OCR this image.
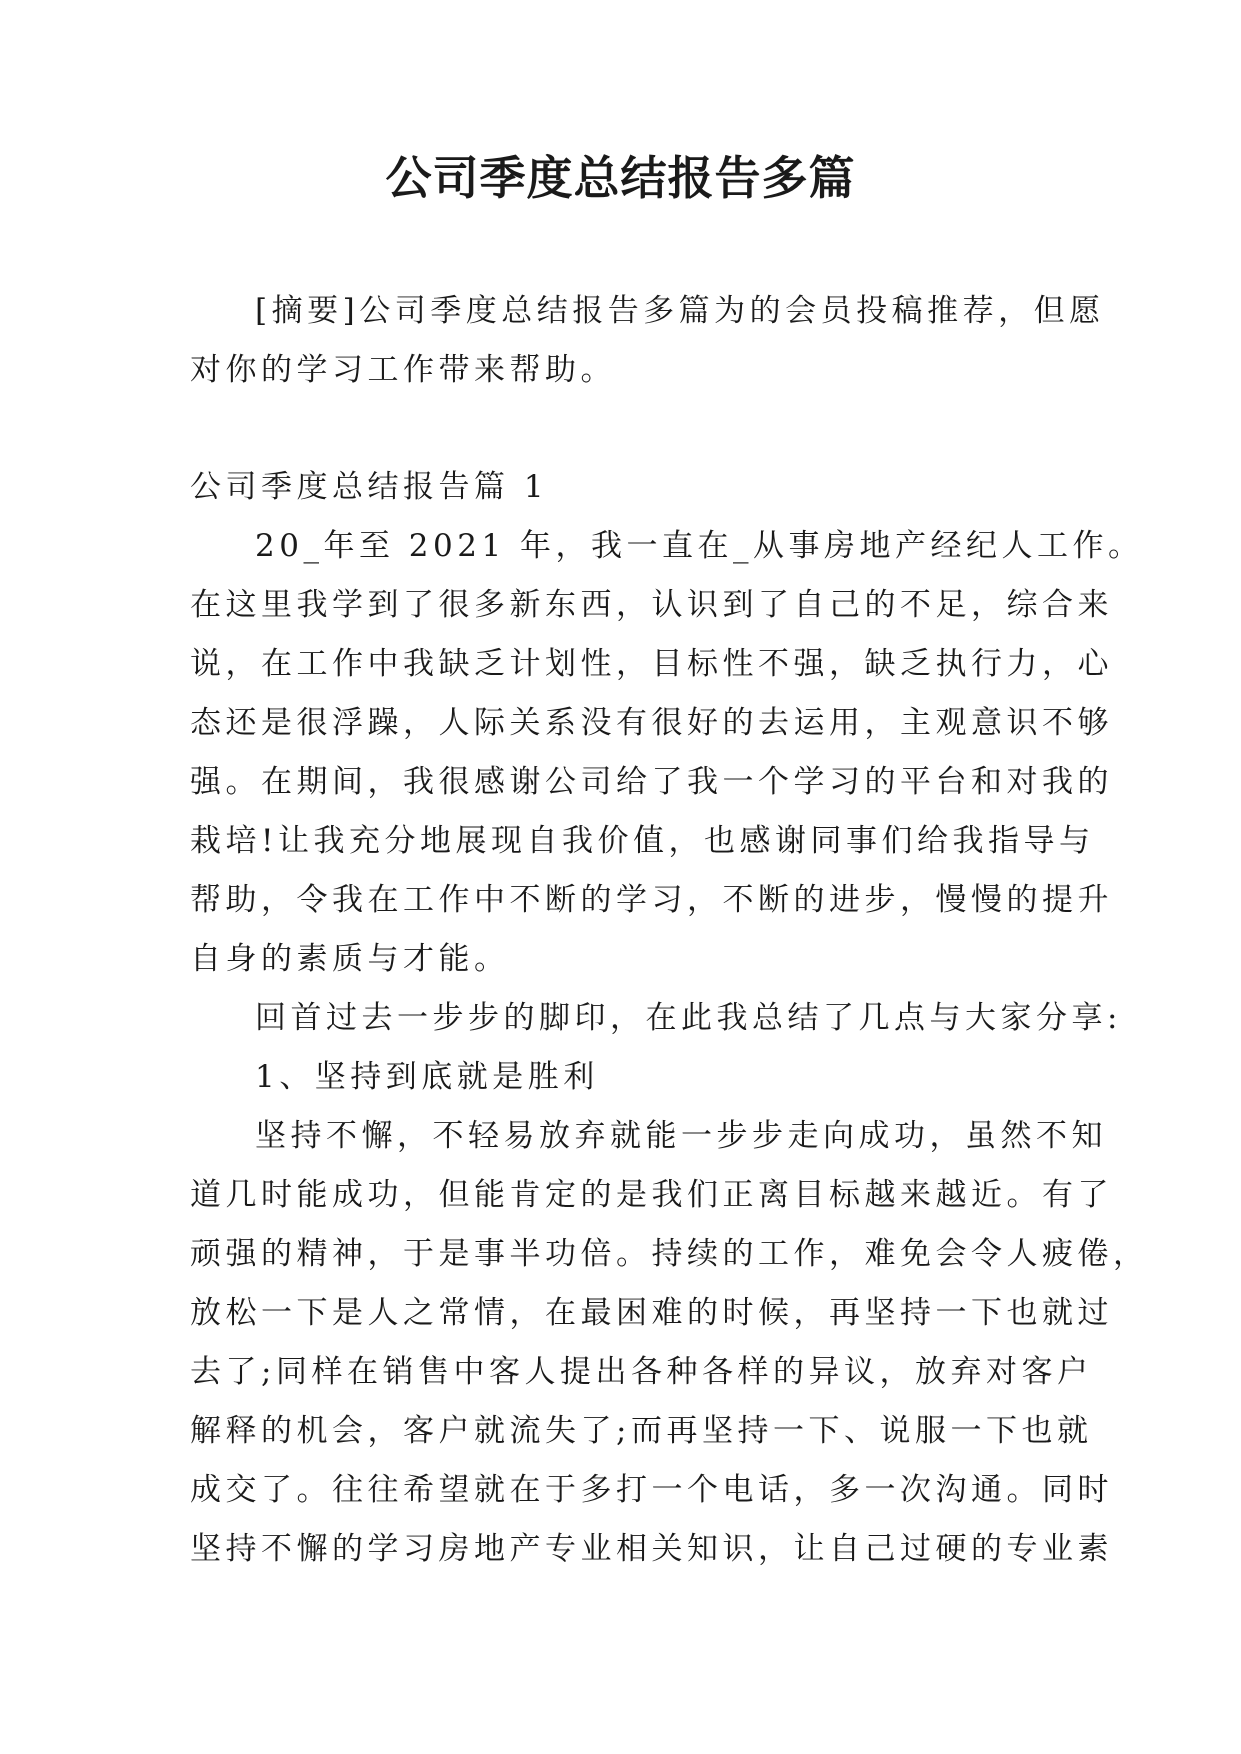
公司季度总结报告多篇
[摘要]公司季度总结报告多篇为的会员投稿推荐，但愿
对你的学习工作带来帮助。
公司季度总结报告篇 1
20_年至 2021 年，我一直在_从事房地产经纪人工作。
在这里我学到了很多新东西，认识到了自己的不足，综合来
说，在工作中我缺乏计划性，目标性不强，缺乏执行力，心
态还是很浮躁，人际关系没有很好的去运用，主观意识不够
强。在期间，我很感谢公司给了我一个学习的平台和对我的
栽培!让我充分地展现自我价值，也感谢同事们给我指导与
帮助，令我在工作中不断的学习，不断的进步，慢慢的提升
自身的素质与才能。
回首过去一步步的脚印，在此我总结了几点与大家分享:
1、坚持到底就是胜利
坚持不懈，不轻易放弃就能一步步走向成功，虽然不知
道几时能成功，但能肯定的是我们正离目标越来越近。有了
顽强的精神，于是事半功倍。持续的工作，难免会令人疲倦，
放松一下是人之常情，在最困难的时候，再坚持一下也就过
去了;同样在销售中客人提出各种各样的异议，放弃对客户
解释的机会，客户就流失了;而再坚持一下、说服一下也就
成交了。往往希望就在于多打一个电话，多一次沟通。同时
坚持不懈的学习房地产专业相关知识，让自己过硬的专业素
